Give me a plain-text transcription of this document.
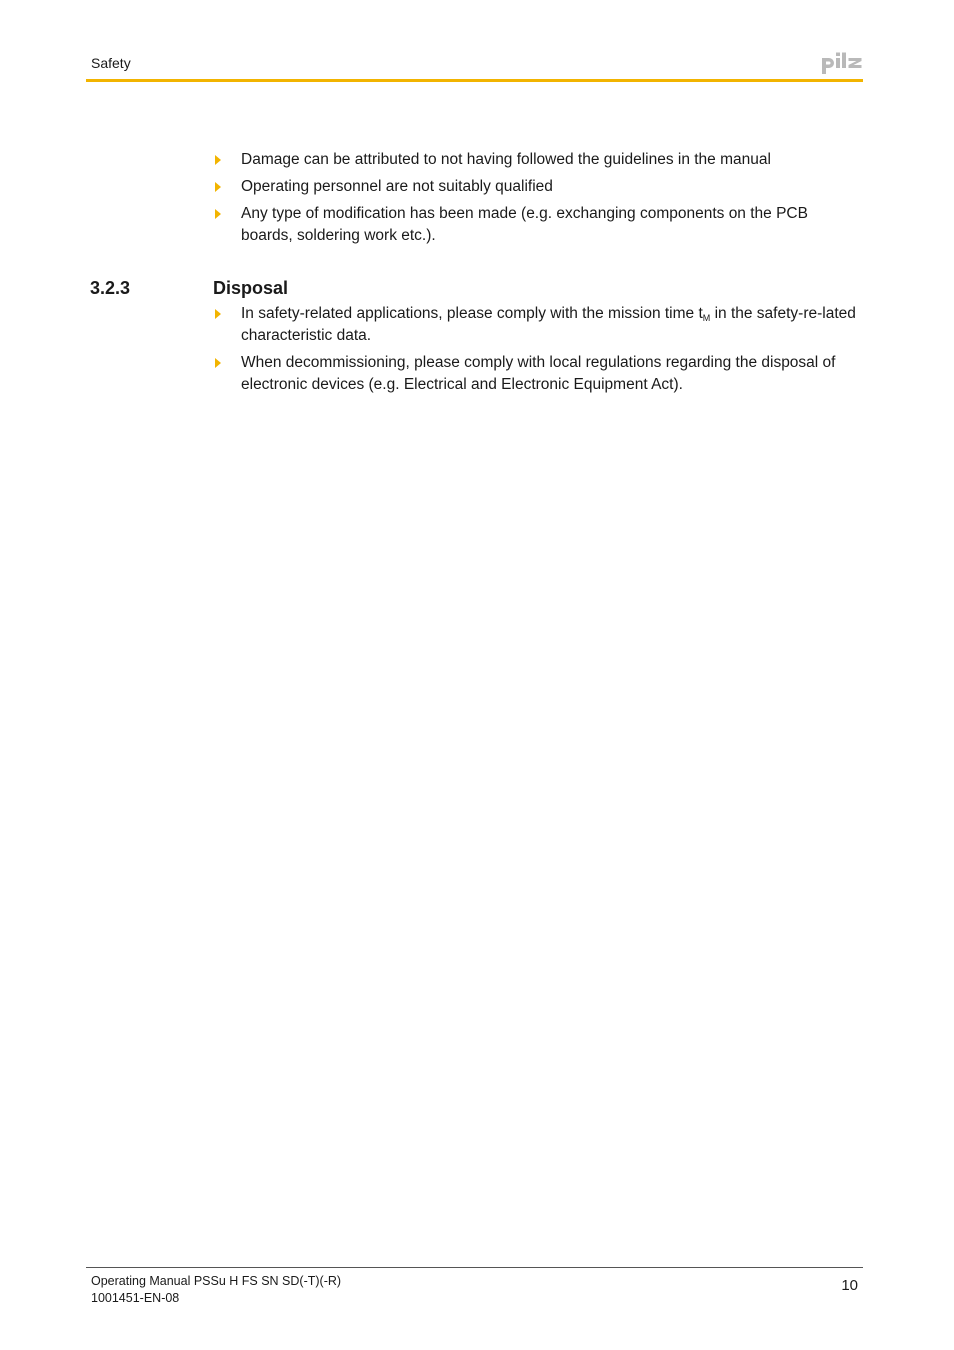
Safety
Damage can be attributed to not having followed the guidelines in the manual
Operating personnel are not suitably qualified
Any type of modification has been made (e.g. exchanging components on the PCB boards, soldering work etc.).
3.2.3	Disposal
In safety-related applications, please comply with the mission time $t_M$ in the safety-re-lated characteristic data.
When decommissioning, please comply with local regulations regarding the disposal of electronic devices (e.g. Electrical and Electronic Equipment Act).
Operating Manual PSSu H FS SN SD(-T)(-R)
1001451-EN-08
10
